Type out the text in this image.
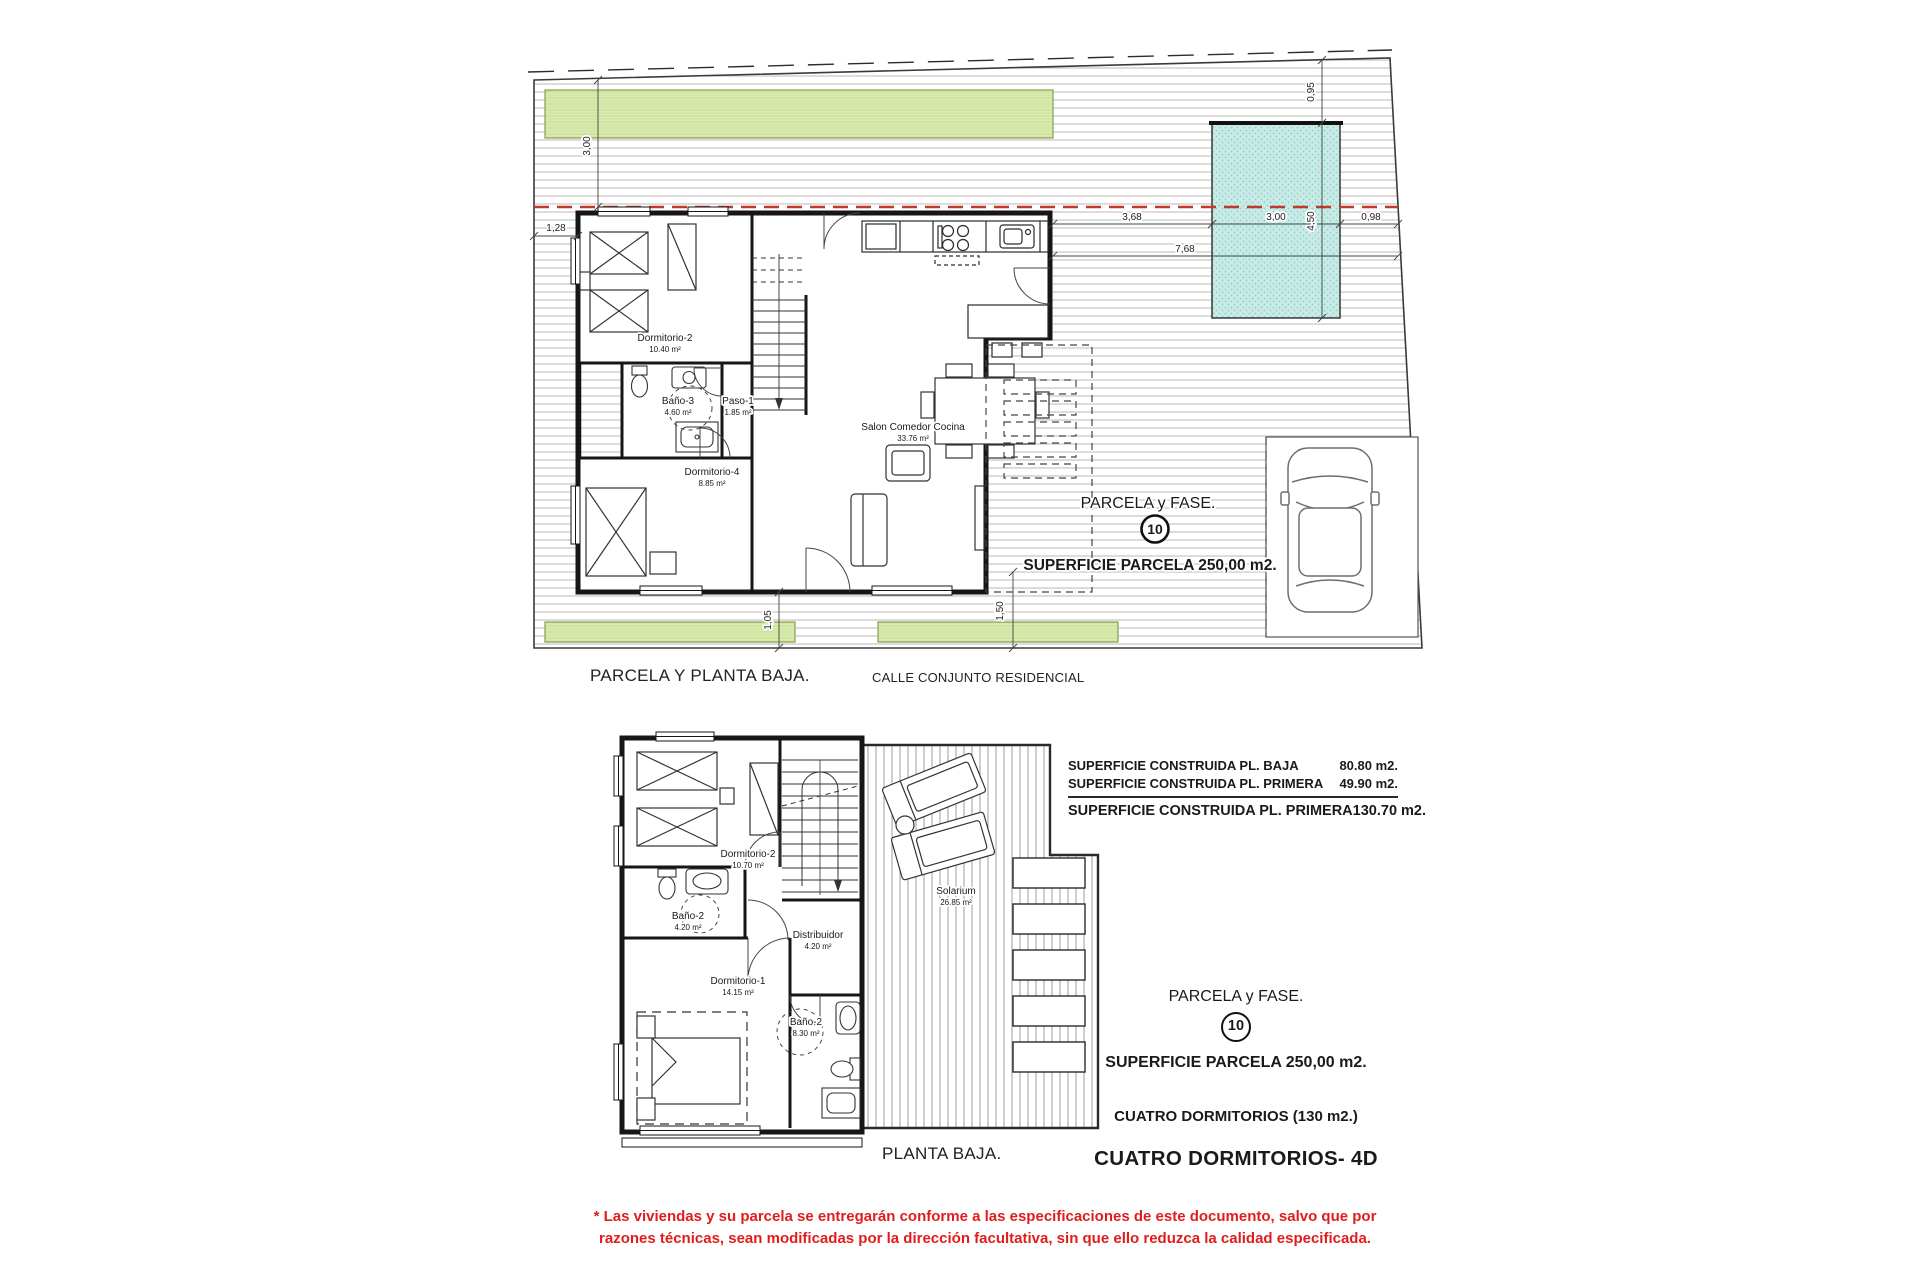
PARCELA y FASE.
10
SUPERFICIE PARCELA 250,00 m2.
Dormitorio-2
10.40 m²
Baño-3
4.60 m²
Paso-1
1.85 m²
Dormitorio-4
8.85 m²
Salon Comedor Cocina
33.76 m²
3,00
1,28
3,68	3,00	0,98
7,68
0,95
4,50
1,05	1,50
Dormitorio-2
10.70 m²
Baño-2
4.20 m²
Distribuidor
4.20 m²
Dormitorio-1
14.15 m²
Baño-2
8.30 m²
Solarium
26.85 m²
PARCELA Y PLANTA BAJA.	CALLE CONJUNTO RESIDENCIAL
SUPERFICIE CONSTRUIDA PL. BAJA	80.80 m2.
SUPERFICIE CONSTRUIDA PL. PRIMERA 49.90 m2.
SUPERFICIE CONSTRUIDA PL. PRIMERA 130.70 m2.
PARCELA y FASE.
10
SUPERFICIE PARCELA 250,00 m2.
CUATRO DORMITORIOS (130 m2.)
CUATRO DORMITORIOS- 4D
PLANTA BAJA.
* Las viviendas y su parcela se entregarán conforme a las especificaciones de este documento, salvo que por
razones técnicas, sean modificadas por la dirección facultativa, sin que ello reduzca la calidad especificada.
